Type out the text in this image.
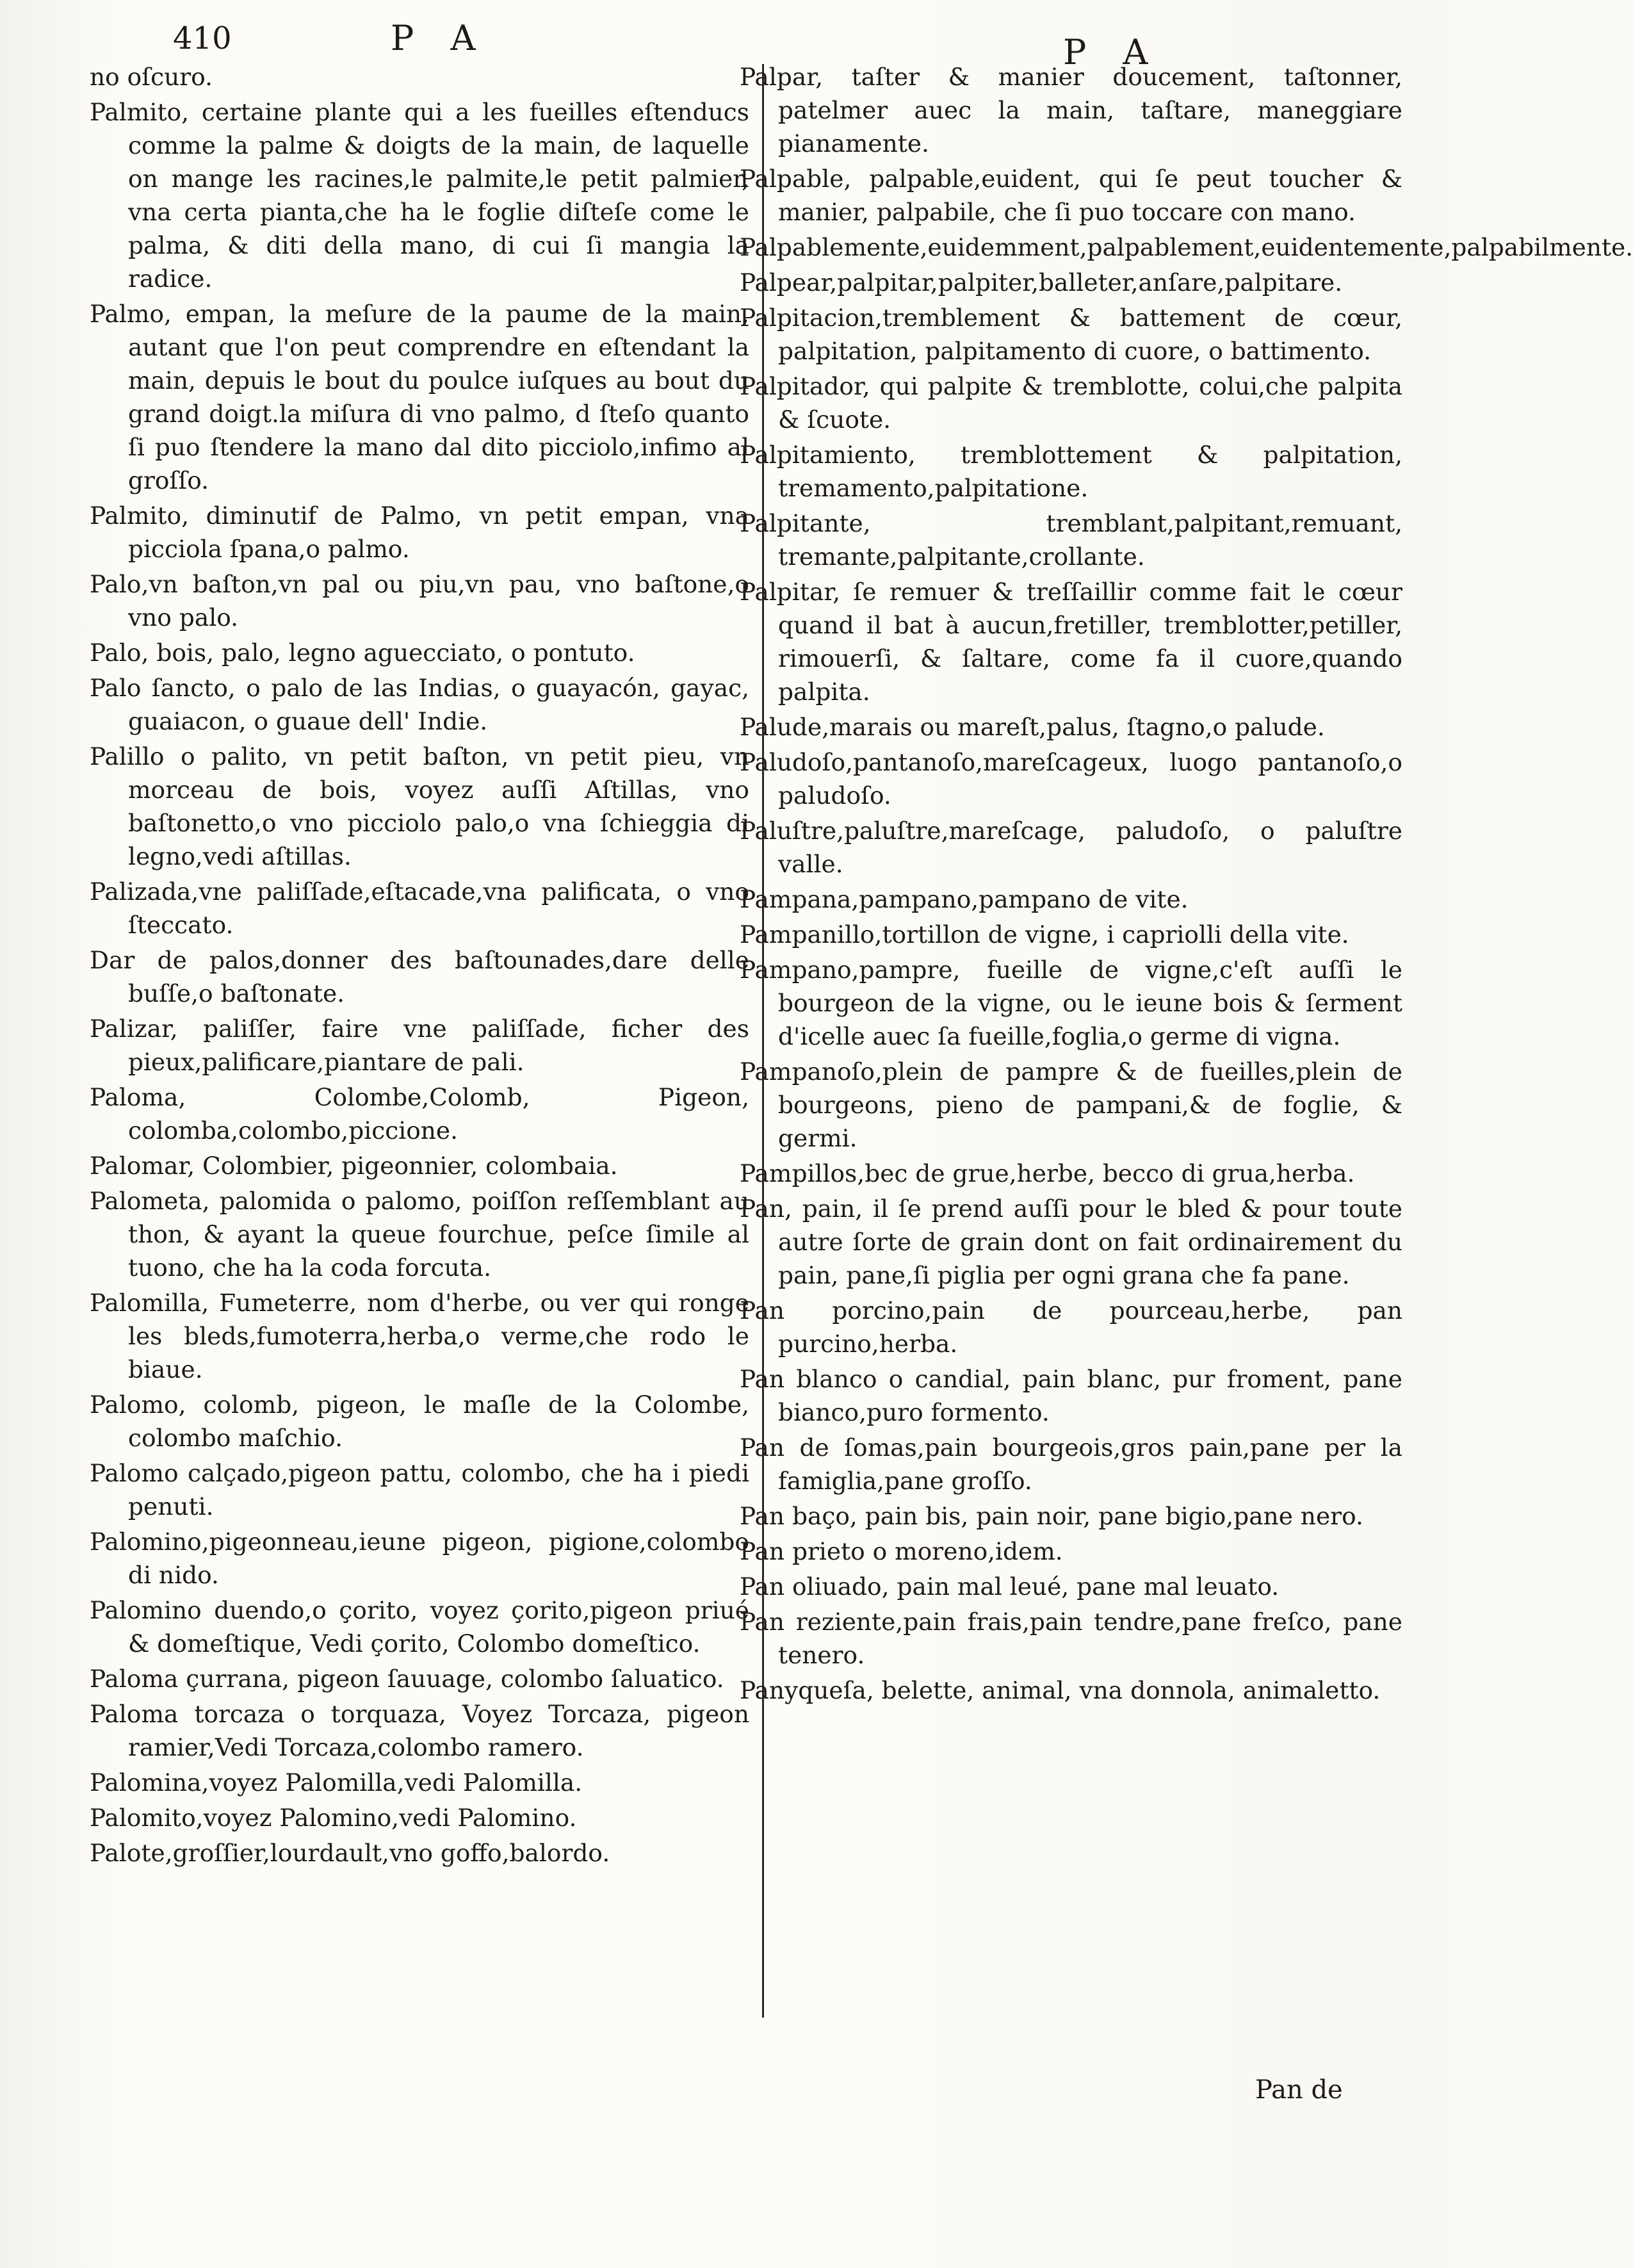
410	P A	P A

no oſcuro.

Palmito, certaine plante qui a les fueilles eſtenducs comme la palme & doigts de la main, de laquelle on mange les racines,le palmite,le petit palmier, vna certa pianta,che ha le foglie diſteſe come le palma, & diti della mano, di cui ſi mangia la radice.

Palmo, empan, la meſure de la paume de la main, autant que l'on peut comprendre en eſtendant la main, depuis le bout du poulce iuſques au bout du grand doigt.la miſura di vno palmo, d ſteſo quanto ſi puo ſtendere la mano dal dito picciolo,infimo al groſſo.

Palmito, diminutif de Palmo, vn petit empan, vna picciola ſpana,o palmo.

Palo,vn baſton,vn pal ou piu,vn pau, vno baſtone,o vno palo.

Palo, bois, palo, legno aguecciato, o pontuto.

Palo ſancto, o palo de las Indias, o guayacón, gayac, guaiacon, o guaue dell' Indie.

Palillo o palito, vn petit baſton, vn petit pieu, vn morceau de bois, voyez auſſi Aſtillas, vno baſtonetto,o vno picciolo palo,o vna ſchieggia di legno,vedi aſtillas.

Palizada,vne paliſſade,eſtacade,vna palificata, o vno ſteccato.

Dar de palos,donner des baſtounades,dare delle buſſe,o baſtonate.

Palizar, paliſſer, faire vne paliſſade, ficher des pieux,palificare,piantare de pali.

Paloma, Colombe,Colomb, Pigeon, colomba,colombo,piccione.

Palomar, Colombier, pigeonnier, colombaia.

Palometa, palomida o palomo, poiſſon reſſemblant au thon, & ayant la queue fourchue, peſce ſimile al tuono, che ha la coda forcuta.

Palomilla, Fumeterre, nom d'herbe, ou ver qui ronge les bleds,fumoterra,herba,o verme,che rodo le biaue.

Palomo, colomb, pigeon, le maſle de la Colombe, colombo maſchio.

Palomo calçado,pigeon pattu, colombo, che ha i piedi penuti.

Palomino,pigeonneau,ieune pigeon, pigione,colombo di nido.

Palomino duendo,o çorito, voyez çorito,pigeon priué & domeſtique, Vedi çorito, Colombo domeſtico.

Paloma çurrana, pigeon ſauuage, colombo ſaluatico.

Paloma torcaza o torquaza, Voyez Torcaza, pigeon ramier,Vedi Torcaza,colombo ramero.

Palomina,voyez Palomilla,vedi Palomilla.

Palomito,voyez Palomino,vedi Palomino.

Palote,groſſier,lourdault,vno goffo,balordo.

Palpar, taſter & manier doucement, taſtonner, patelmer auec la main, taſtare, maneggiare pianamente.

Palpable, palpable,euident, qui ſe peut toucher & manier, palpabile, che ſi puo toccare con mano.

Palpablemente,euidemment,palpablement,euidentemente,palpabilmente.

Palpear,palpitar,palpiter,balleter,anſare,palpitare.

Palpitacion,tremblement & battement de cœur, palpitation, palpitamento di cuore, o battimento.

Palpitador, qui palpite & tremblotte, colui,che palpita & ſcuote.

Palpitamiento, tremblottement & palpitation, tremamento,palpitatione.

Palpitante, tremblant,palpitant,remuant, tremante,palpitante,crollante.

Palpitar, ſe remuer & treſſaillir comme fait le cœur quand il bat à aucun,fretiller, tremblotter,petiller, rimouerſi, & ſaltare, come fa il cuore,quando palpita.

Palude,marais ou mareſt,palus, ſtagno,o palude.

Paludoſo,pantanoſo,mareſcageux, luogo pantanoſo,o paludoſo.

Paluſtre,paluſtre,mareſcage, paludoſo, o paluſtre valle.

Pampana,pampano,pampano de vite.

Pampanillo,tortillon de vigne, i capriolli della vite.

Pampano,pampre, fueille de vigne,c'eſt auſſi le bourgeon de la vigne, ou le ieune bois & ſerment d'icelle auec ſa fueille,foglia,o germe di vigna.

Pampanoſo,plein de pampre & de fueilles,plein de bourgeons, pieno de pampani,& de foglie, & germi.

Pampillos,bec de grue,herbe, becco di grua,herba.

Pan, pain, il ſe prend auſſi pour le bled & pour toute autre ſorte de grain dont on fait ordinairement du pain, pane,ſi piglia per ogni grana che fa pane.

Pan porcino,pain de pourceau,herbe, pan purcino,herba.

Pan blanco o candial, pain blanc, pur froment, pane bianco,puro formento.

Pan de ſomas,pain bourgeois,gros pain,pane per la famiglia,pane groſſo.

Pan baço, pain bis, pain noir, pane bigio,pane nero.

Pan prieto o moreno,idem.

Pan oliuado, pain mal leué, pane mal leuato.

Pan reziente,pain frais,pain tendre,pane freſco, pane tenero.

Panyqueſa, belette, animal, vna donnola, animaletto.

Pan de
